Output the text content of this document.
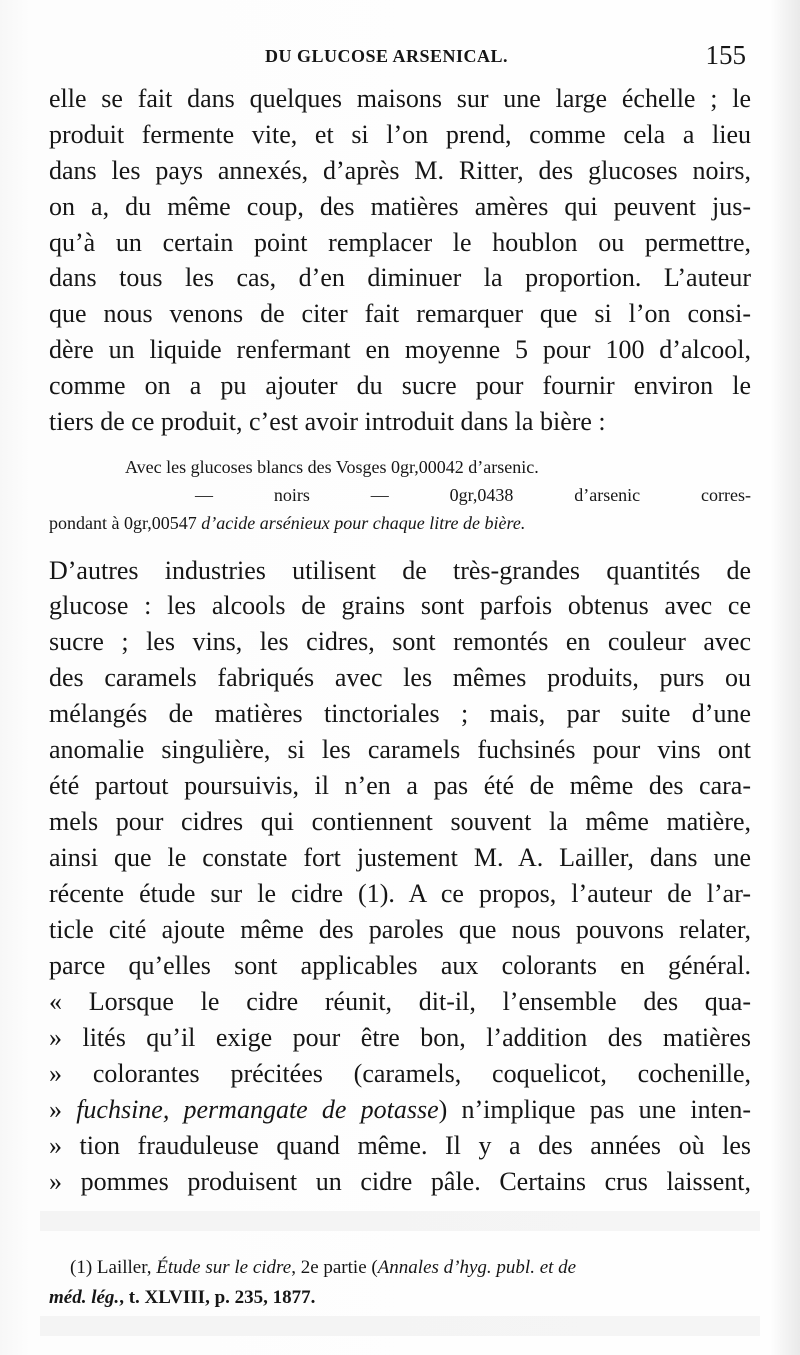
DU GLUCOSE ARSENICAL.	155
elle se fait dans quelques maisons sur une large échelle ; le
produit fermente vite, et si l’on prend, comme cela a lieu
dans les pays annexés, d’après M. Ritter, des glucoses noirs,
on a, du même coup, des matières amères qui peuvent jus-
qu’à un certain point remplacer le houblon ou permettre,
dans tous les cas, d’en diminuer la proportion. L’auteur
que nous venons de citer fait remarquer que si l’on consi-
dère un liquide renfermant en moyenne 5 pour 100 d’alcool,
comme on a pu ajouter du sucre pour fournir environ le
tiers de ce produit, c’est avoir introduit dans la bière :
Avec les glucoses blancs des Vosges 0gr,00042 d’arsenic.
— noirs — 0gr,0438 d’arsenic corres-
pondant à 0gr,00547 d’acide arsénieux pour chaque litre de bière.
D’autres industries utilisent de très-grandes quantités de
glucose : les alcools de grains sont parfois obtenus avec ce
sucre ; les vins, les cidres, sont remontés en couleur avec
des caramels fabriqués avec les mêmes produits, purs ou
mélangés de matières tinctoriales ; mais, par suite d’une
anomalie singulière, si les caramels fuchsinés pour vins ont
été partout poursuivis, il n’en a pas été de même des cara-
mels pour cidres qui contiennent souvent la même matière,
ainsi que le constate fort justement M. A. Lailler, dans une
récente étude sur le cidre (1). A ce propos, l’auteur de l’ar-
ticle cité ajoute même des paroles que nous pouvons relater,
parce qu’elles sont applicables aux colorants en général.
« Lorsque le cidre réunit, dit-il, l’ensemble des qua-
» lités qu’il exige pour être bon, l’addition des matières
» colorantes précitées (caramels, coquelicot, cochenille,
» fuchsine, permangate de potasse) n’implique pas une inten-
» tion frauduleuse quand même. Il y a des années où les
» pommes produisent un cidre pâle. Certains crus laissent,
(1) Lailler, Étude sur le cidre, 2e partie (Annales d’hyg. publ. et de
méd. lég., t. XLVIII, p. 235, 1877.
